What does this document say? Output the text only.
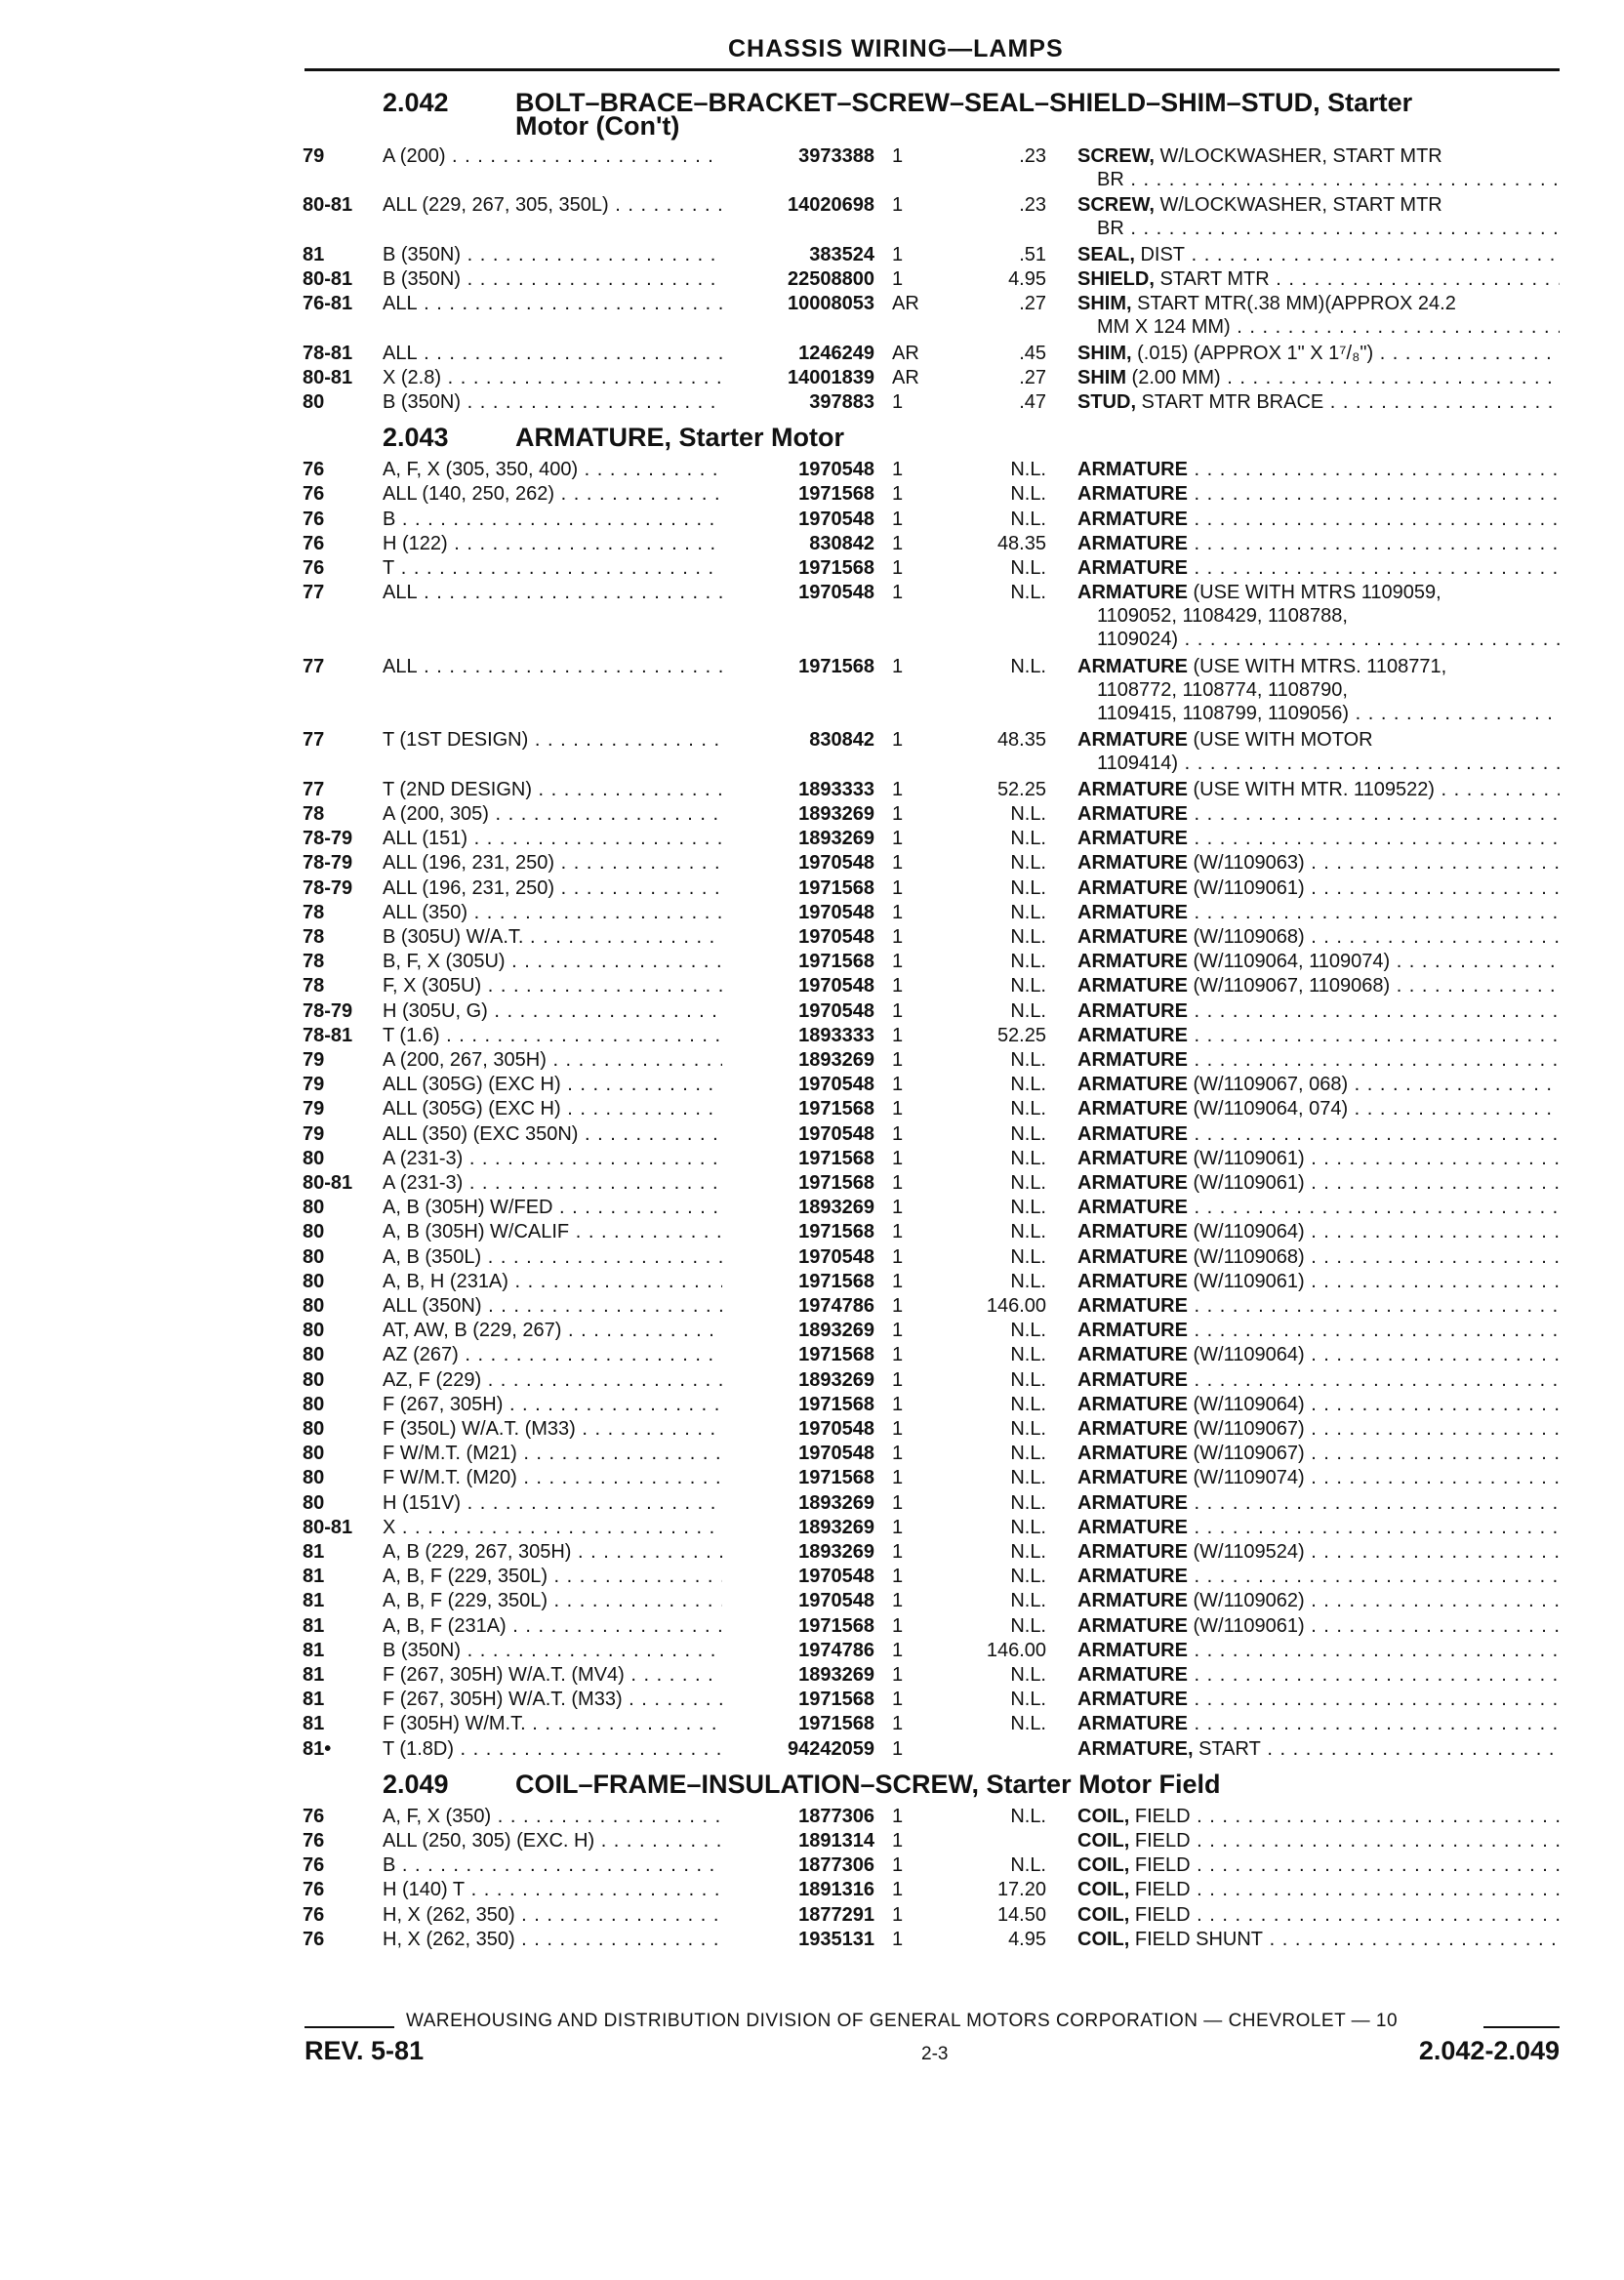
CHASSIS WIRING—LAMPS
2.042	BOLT–BRACE–BRACKET–SCREW–SEAL–SHIELD–SHIM–STUD, Starter
Motor (Con't)
79	A (200) . . .	3973388 1	.23 SCREW, W/LOCKWASHER, START MTR
BR . . .
80-81 ALL (229, 267, 305, 350L) . . .	14020698 1	.23 SCREW, W/LOCKWASHER, START MTR
BR . . .
81	B (350N) . . .	383524 1	.51 SEAL, DIST . . .
80-81 B (350N) . . .	22508800 1	4.95 SHIELD, START MTR . . .
76-81 ALL . . .	10008053 AR	.27 SHIM, START MTR(.38 MM)(APPROX 24.2
MM X 124 MM) . . .
78-81 ALL . . .	1246249 AR	.45 SHIM, (.015) (APPROX 1" X 1⁷/₈") . . .
80-81 X (2.8) . . .	14001839 AR	.27 SHIM (2.00 MM) . . .
80	B (350N) . . .	397883 1	.47 STUD, START MTR BRACE . . .
2.043	ARMATURE, Starter Motor
76	A, F, X (305, 350, 400) . . .	1970548 1	N.L. ARMATURE . . .
76	ALL (140, 250, 262) . . .	1971568 1	N.L. ARMATURE . . .
76	B . . .	1970548 1	N.L. ARMATURE . . .
76	H (122) . . .	830842 1	48.35 ARMATURE . . .
76	T . . .	1971568 1	N.L. ARMATURE . . .
77	ALL . . .	1970548 1	N.L. ARMATURE (USE WITH MTRS 1109059,
1109052, 1108429, 1108788,
1109024) . . .
77	ALL . . .	1971568 1	N.L. ARMATURE (USE WITH MTRS. 1108771,
1108772, 1108774, 1108790,
1109415, 1108799, 1109056) . . .
77	T (1ST DESIGN) . . .	830842 1	48.35 ARMATURE (USE WITH MOTOR
1109414) . . .
77	T (2ND DESIGN) . . .	1893333 1	52.25 ARMATURE (USE WITH MTR. 1109522) . . .
78	A (200, 305) . . .	1893269 1	N.L. ARMATURE . . .
78-79 ALL (151) . . .	1893269 1	N.L. ARMATURE . . .
78-79 ALL (196, 231, 250) . . .	1970548 1	N.L. ARMATURE (W/1109063) . . .
78-79 ALL (196, 231, 250) . . .	1971568 1	N.L. ARMATURE (W/1109061) . . .
78	ALL (350) . . .	1970548 1	N.L. ARMATURE . . .
78	B (305U) W/A.T. . . .	1970548 1	N.L. ARMATURE (W/1109068) . . .
78	B, F, X (305U) . . .	1971568 1	N.L. ARMATURE (W/1109064, 1109074) . . .
78	F, X (305U) . . .	1970548 1	N.L. ARMATURE (W/1109067, 1109068) . . .
78-79 H (305U, G) . . .	1970548 1	N.L. ARMATURE . . .
78-81 T (1.6) . . .	1893333 1	52.25 ARMATURE . . .
79	A (200, 267, 305H) . . .	1893269 1	N.L. ARMATURE . . .
79	ALL (305G) (EXC H) . . .	1970548 1	N.L. ARMATURE (W/1109067, 068) . . .
79	ALL (305G) (EXC H) . . .	1971568 1	N.L. ARMATURE (W/1109064, 074) . . .
79	ALL (350) (EXC 350N) . . .	1970548 1	N.L. ARMATURE . . .
80	A (231-3) . . .	1971568 1	N.L. ARMATURE (W/1109061) . . .
80-81 A (231-3) . . .	1971568 1	N.L. ARMATURE (W/1109061) . . .
80	A, B (305H) W/FED . . .	1893269 1	N.L. ARMATURE . . .
80	A, B (305H) W/CALIF . . .	1971568 1	N.L. ARMATURE (W/1109064) . . .
80	A, B (350L) . . .	1970548 1	N.L. ARMATURE (W/1109068) . . .
80	A, B, H (231A) . . .	1971568 1	N.L. ARMATURE (W/1109061) . . .
80	ALL (350N) . . .	1974786 1	146.00 ARMATURE . . .
80	AT, AW, B (229, 267) . . .	1893269 1	N.L. ARMATURE . . .
80	AZ (267) . . .	1971568 1	N.L. ARMATURE (W/1109064) . . .
80	AZ, F (229) . . .	1893269 1	N.L. ARMATURE . . .
80	F (267, 305H) . . .	1971568 1	N.L. ARMATURE (W/1109064) . . .
80	F (350L) W/A.T. (M33) . . .	1970548 1	N.L. ARMATURE (W/1109067) . . .
80	F W/M.T. (M21) . . .	1970548 1	N.L. ARMATURE (W/1109067) . . .
80	F W/M.T. (M20) . . .	1971568 1	N.L. ARMATURE (W/1109074) . . .
80	H (151V) . . .	1893269 1	N.L. ARMATURE . . .
80-81 X . . .	1893269 1	N.L. ARMATURE . . .
81	A, B (229, 267, 305H) . . .	1893269 1	N.L. ARMATURE (W/1109524) . . .
81	A, B, F (229, 350L) . . .	1970548 1	N.L. ARMATURE . . .
81	A, B, F (229, 350L) . . .	1970548 1	N.L. ARMATURE (W/1109062) . . .
81	A, B, F (231A) . . .	1971568 1	N.L. ARMATURE (W/1109061) . . .
81	B (350N) . . .	1974786 1	146.00 ARMATURE . . .
81	F (267, 305H) W/A.T. (MV4) . . .	1893269 1	N.L. ARMATURE . . .
81	F (267, 305H) W/A.T. (M33) . . .	1971568 1	N.L. ARMATURE . . .
81	F (305H) W/M.T. . . .	1971568 1	N.L. ARMATURE . . .
81•	T (1.8D) . . .	94242059 1	ARMATURE, START . . .
2.049	COIL–FRAME–INSULATION–SCREW, Starter Motor Field
76	A, F, X (350) . . .	1877306 1	N.L. COIL, FIELD . . .
76	ALL (250, 305) (EXC. H) . . .	1891314 1	COIL, FIELD . . .
76	B . . .	1877306 1	N.L. COIL, FIELD . . .
76	H (140) T . . .	1891316 1	17.20 COIL, FIELD . . .
76	H, X (262, 350) . . .	1877291 1	14.50 COIL, FIELD . . .
76	H, X (262, 350) . . .	1935131 1	4.95 COIL, FIELD SHUNT . . .
WAREHOUSING AND DISTRIBUTION DIVISION OF GENERAL MOTORS CORPORATION — CHEVROLET — 10
REV. 5-81	2-3	2.042-2.049
